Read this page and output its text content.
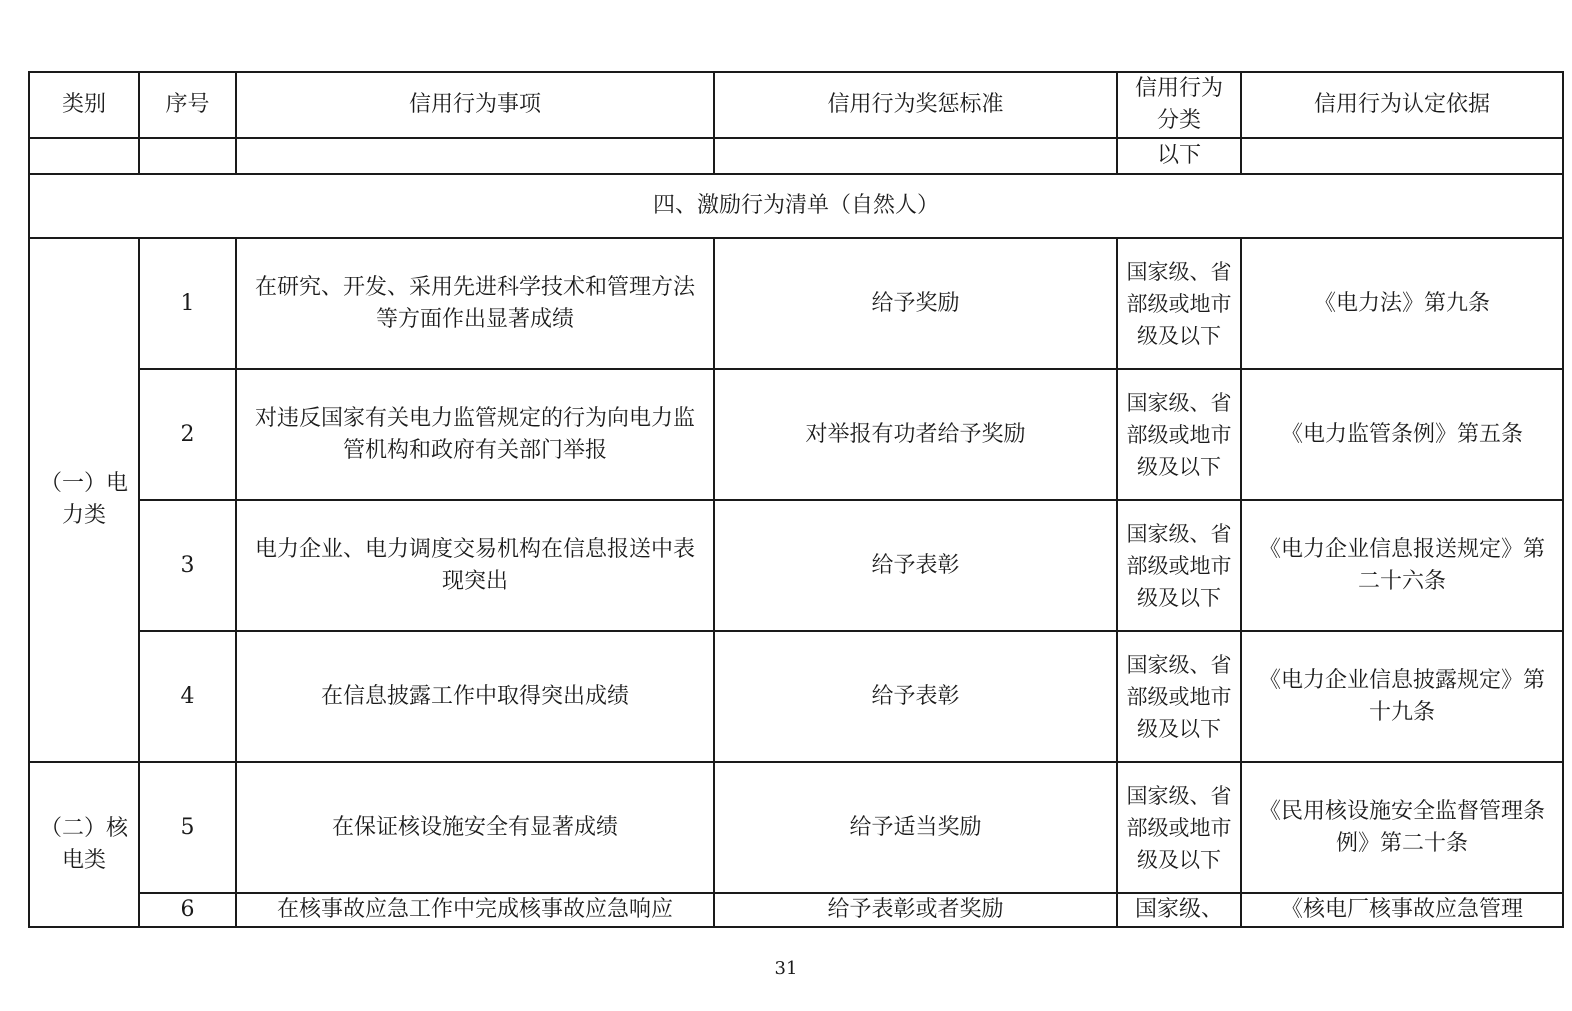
类别	序号	信用行为事项	信用行为奖惩标准	信用行为分类	信用行为认定依据
				以下	
四、激励行为清单（自然人）					
（一）电力类	1	在研究、开发、采用先进科学技术和管理方法等方面作出显著成绩	给予奖励	国家级、省部级或地市级及以下	《电力法》第九条
	2	对违反国家有关电力监管规定的行为向电力监管机构和政府有关部门举报	对举报有功者给予奖励	国家级、省部级或地市级及以下	《电力监管条例》第五条
	3	电力企业、电力调度交易机构在信息报送中表现突出	给予表彰	国家级、省部级或地市级及以下	《电力企业信息报送规定》第二十六条
	4	在信息披露工作中取得突出成绩	给予表彰	国家级、省部级或地市级及以下	《电力企业信息披露规定》第十九条
（二）核电类	5	在保证核设施安全有显著成绩	给予适当奖励	国家级、省部级或地市级及以下	《民用核设施安全监督管理条例》第二十条
	6	在核事故应急工作中完成核事故应急响应	给予表彰或者奖励	国家级、	《核电厂核事故应急管理
31
